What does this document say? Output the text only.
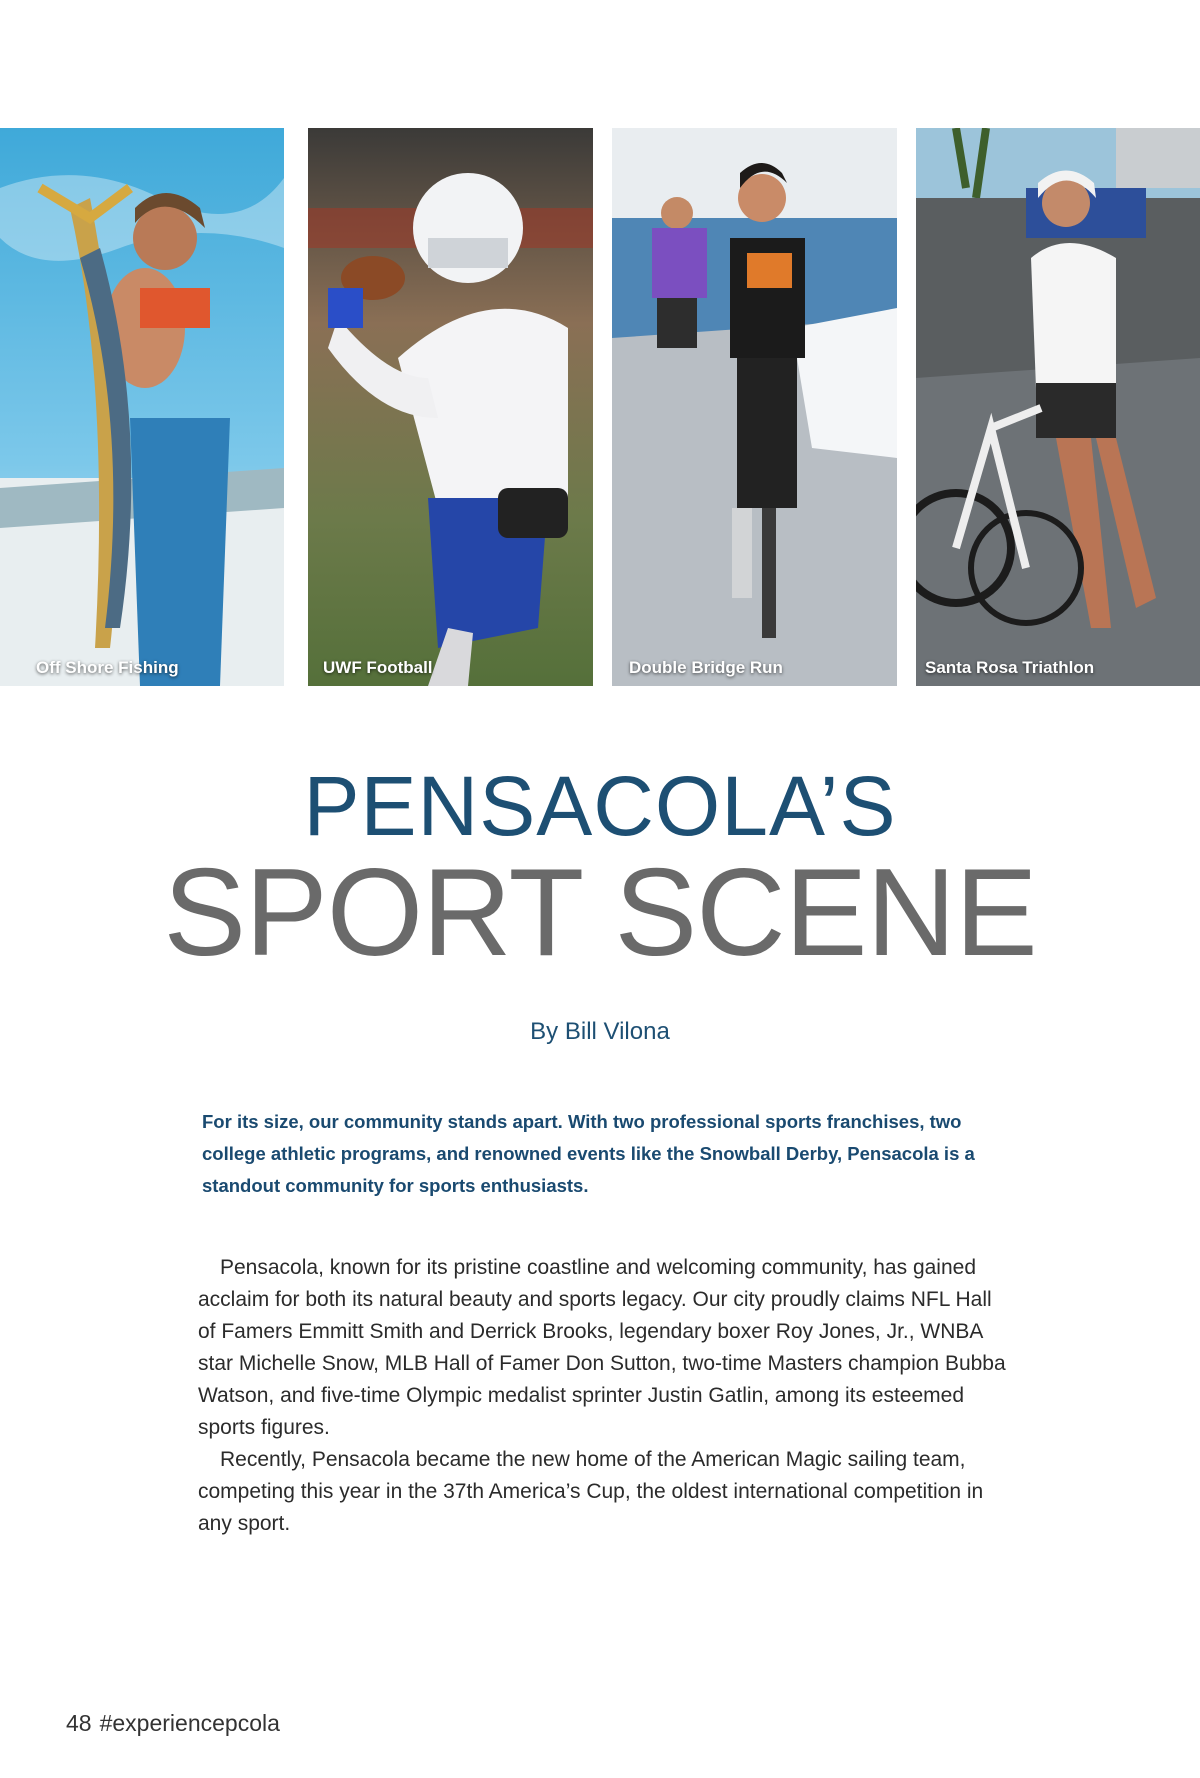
Off Shore Fishing	UWF Football	Double Bridge Run	Santa Rosa Triathlon
PENSACOLA’S
SPORT SCENE
By Bill Vilona
For its size, our community stands apart. With two professional sports franchises, two college athletic programs, and renowned events like the Snowball Derby, Pensacola is a standout community for sports enthusiasts.

Pensacola, known for its pristine coastline and welcoming community, has gained acclaim for both its natural beauty and sports legacy. Our city proudly claims NFL Hall of Famers Emmitt Smith and Derrick Brooks, legendary boxer Roy Jones, Jr., WNBA star Michelle Snow, MLB Hall of Famer Don Sutton, two-time Masters champion Bubba Watson, and five-time Olympic medalist sprinter Justin Gatlin, among its esteemed sports figures.

Recently, Pensacola became the new home of the American Magic sailing team, competing this year in the 37th America’s Cup, the oldest international competition in any sport.

48 #experiencepcola
